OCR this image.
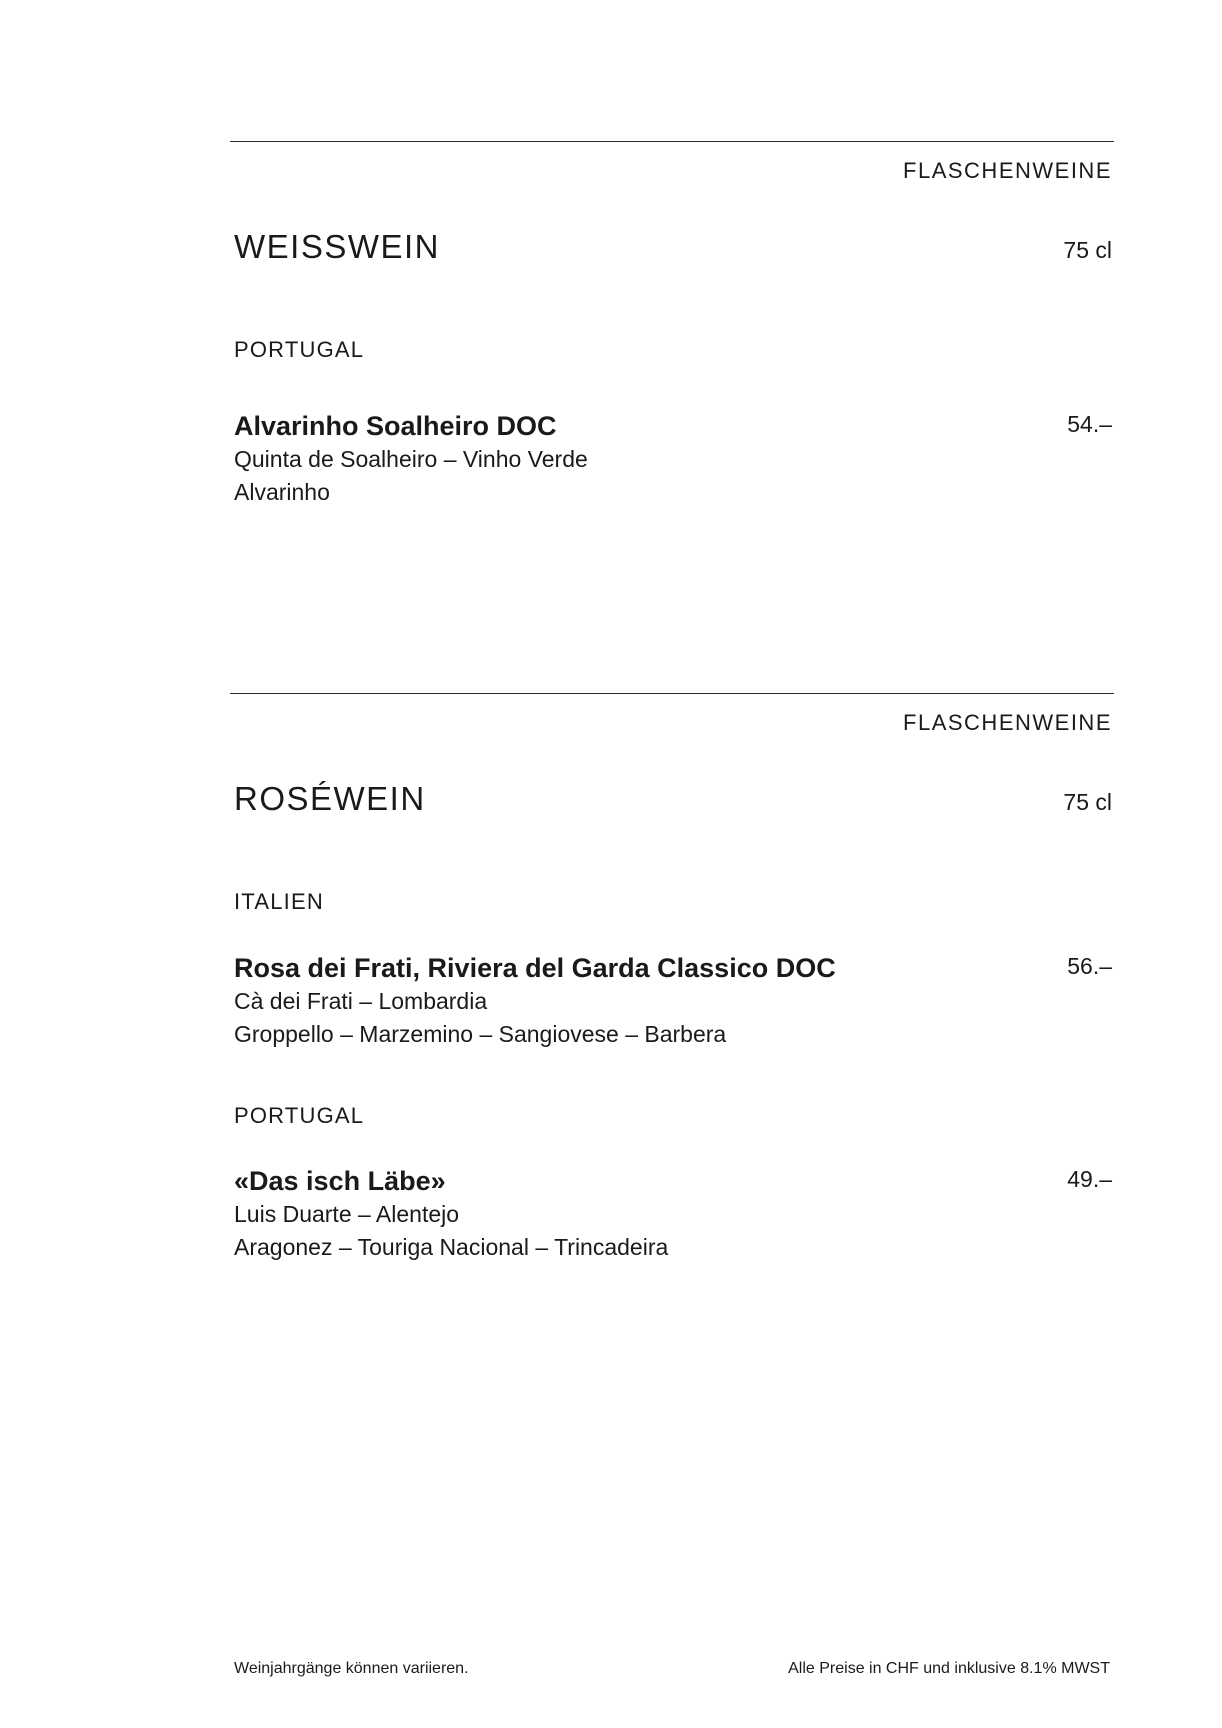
FLASCHENWEINE
WEISSWEIN	75 cl
PORTUGAL
Alvarinho Soalheiro DOC	54.–
Quinta de Soalheiro – Vinho Verde
Alvarinho
FLASCHENWEINE
ROSÉWEIN	75 cl
ITALIEN
Rosa dei Frati, Riviera del Garda Classico DOC	56.–
Cà dei Frati – Lombardia
Groppello – Marzemino – Sangiovese – Barbera
PORTUGAL
«Das isch Läbe»	49.–
Luis Duarte – Alentejo
Aragonez – Touriga Nacional – Trincadeira
Weinjahrgänge können variieren.	Alle Preise in CHF und inklusive 8.1% MWST
